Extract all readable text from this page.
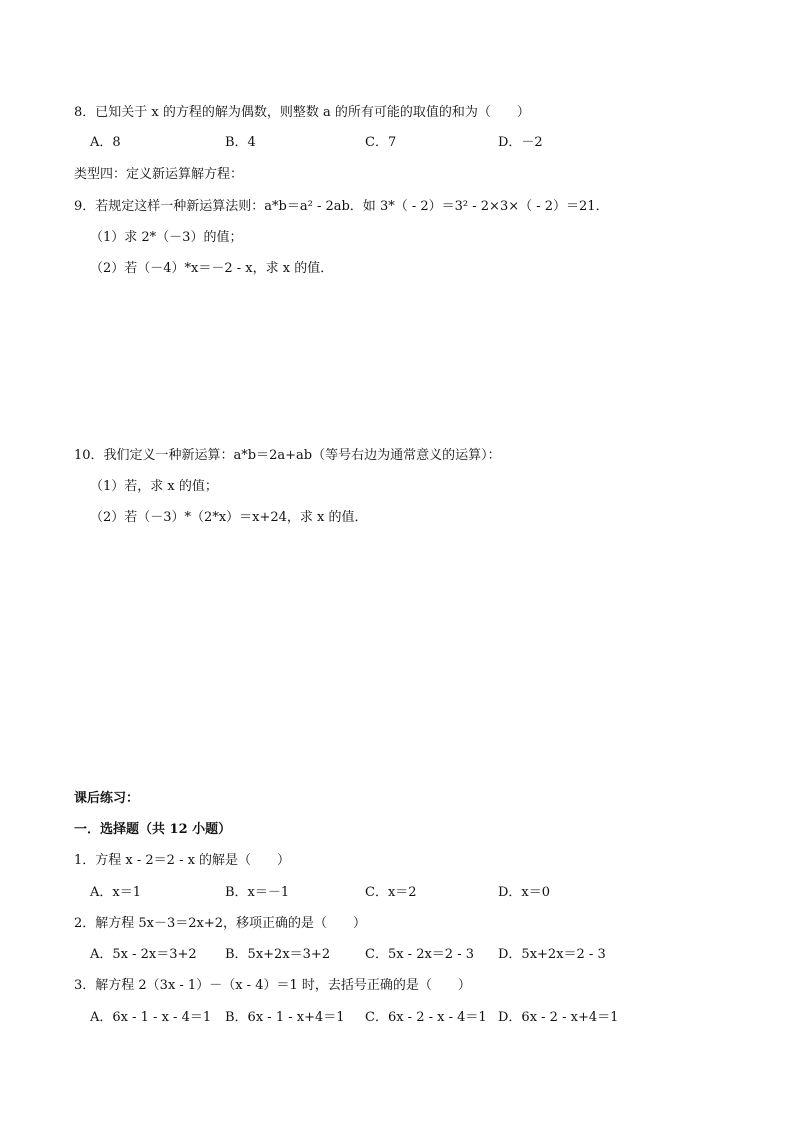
8．已知关于 x 的方程的解为偶数，则整数 a 的所有可能的取值的和为（　　）
A．8	B．4	C．7	D．－2
类型四：定义新运算解方程：
9．若规定这样一种新运算法则：a*b＝a² - 2ab．如 3*（ - 2）＝3² - 2×3×（ - 2）＝21．
（1）求 2*（－3）的值；
（2）若（－4）*x＝－2 - x，求 x 的值．
10．我们定义一种新运算：a*b＝2a+ab（等号右边为通常意义的运算）：
（1）若，求 x 的值；
（2）若（－3）*（2*x）＝x+24，求 x 的值．
课后练习：
一．选择题（共 12 小题）
1．方程 x - 2＝2 - x 的解是（　　）
A．x＝1	B．x＝－1	C．x＝2	D．x＝0
2．解方程 5x－3＝2x+2，移项正确的是（　　）
A．5x - 2x＝3+2 B．5x+2x＝3+2	C．5x - 2x＝2 - 3 D．5x+2x＝2 - 3
3．解方程 2（3x - 1）－（x - 4）＝1 时，去括号正确的是（　　）
A．6x - 1 - x - 4＝1 B．6x - 1 - x+4＝1 C．6x - 2 - x - 4＝1 D．6x - 2 - x+4＝1
